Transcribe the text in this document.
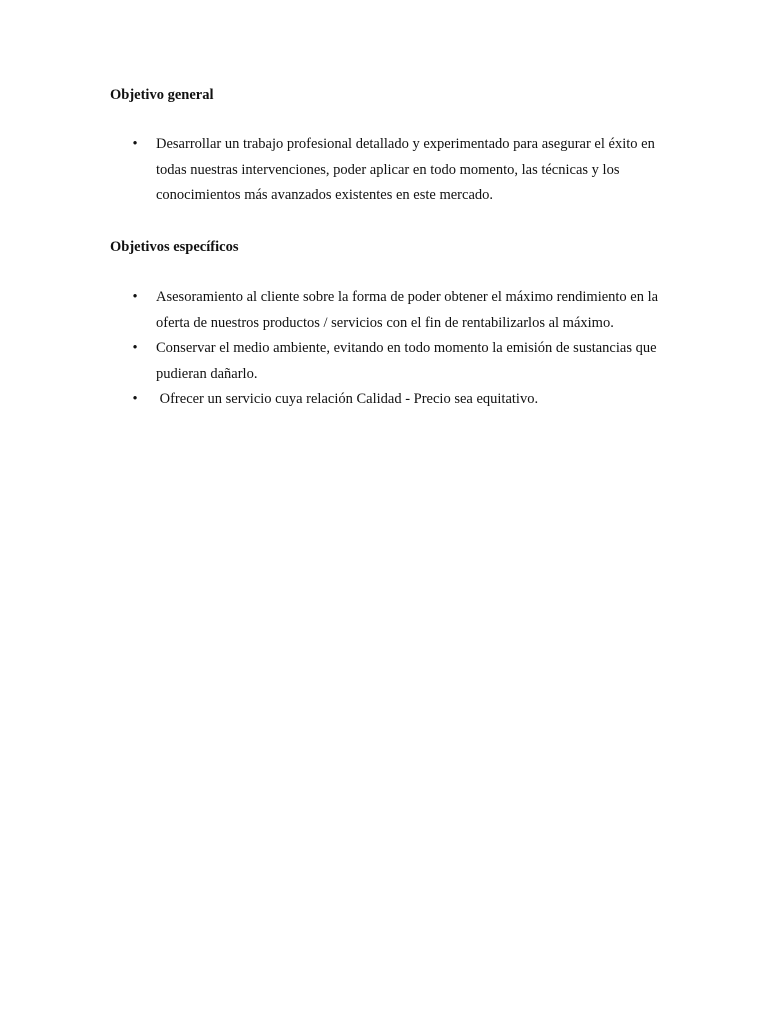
Objetivo general
• Desarrollar un trabajo profesional detallado y experimentado para asegurar el éxito en todas nuestras intervenciones, poder aplicar en todo momento, las técnicas y los conocimientos más avanzados existentes en este mercado.
Objetivos específicos
• Asesoramiento al cliente sobre la forma de poder obtener el máximo rendimiento en la oferta de nuestros productos / servicios con el fin de rentabilizarlos al máximo.
• Conservar el medio ambiente, evitando en todo momento la emisión de sustancias que pudieran dañarlo.
• Ofrecer un servicio cuya relación Calidad - Precio sea equitativo.
